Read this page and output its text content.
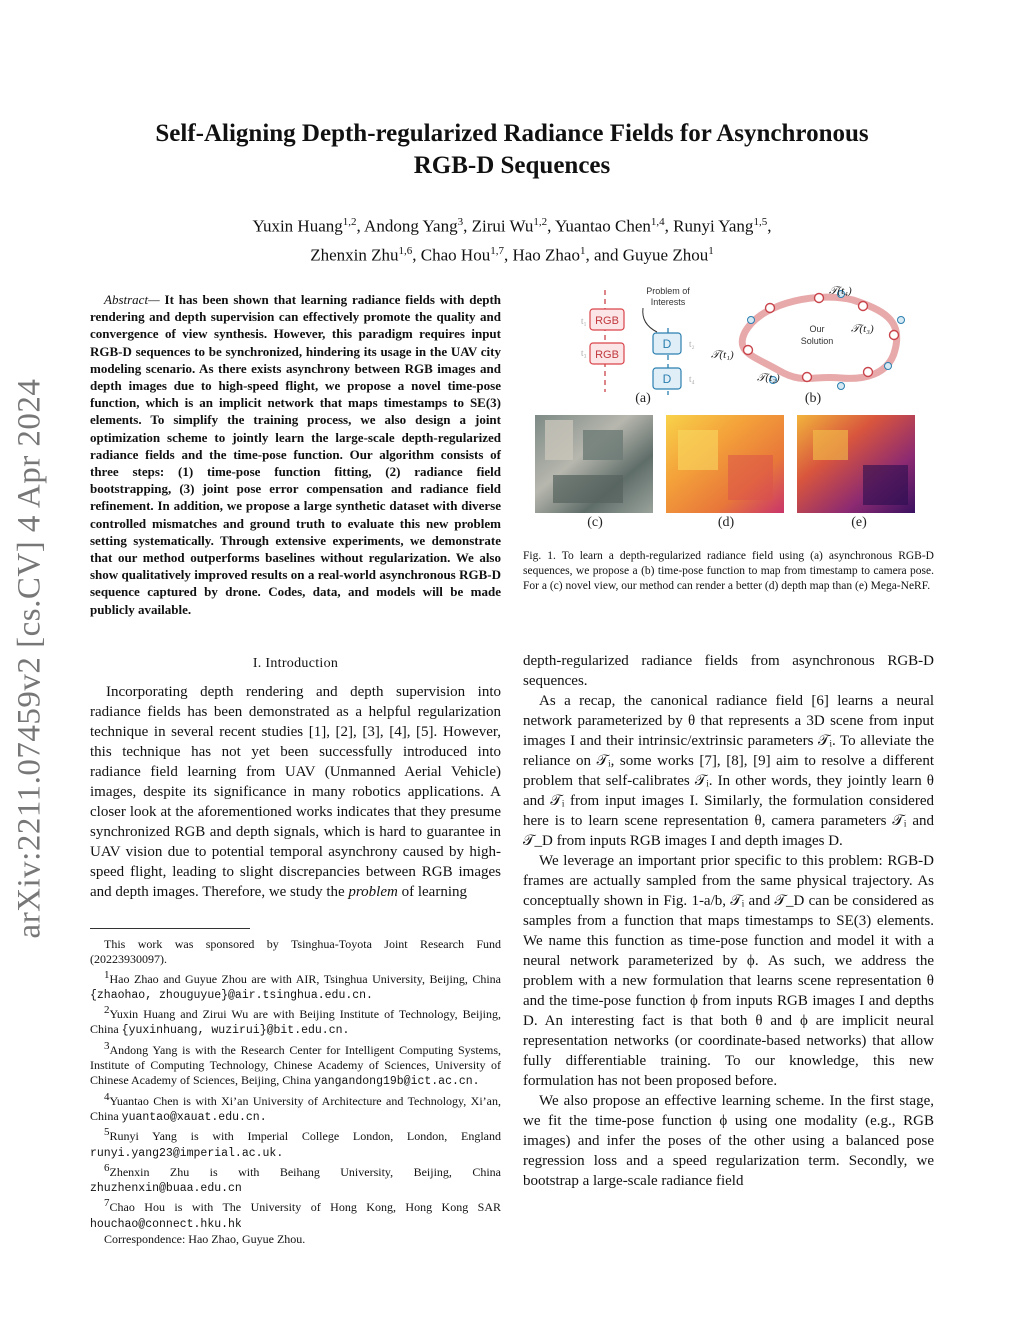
arXiv:2211.07459v2 [cs.CV] 4 Apr 2024
Self-Aligning Depth-regularized Radiance Fields for Asynchronous
RGB-D Sequences

Yuxin Huang$^{1,2}$, Andong Yang$^3$, Zirui Wu$^{1,2}$, Yuantao Chen$^{1,4}$, Runyi Yang$^{1,5}$,

Zhenxin Zhu$^{1,6}$, Chao Hou$^{1,7}$, Hao Zhao$^1$, and Guyue Zhou$^1$

Abstract— It has been shown that learning radiance fields with depth rendering and depth supervision can effectively promote the quality and convergence of view synthesis. However, this paradigm requires input RGB-D sequences to be synchronized, hindering its usage in the UAV city modeling scenario. As there exists asynchrony between RGB images and depth images due to high-speed flight, we propose a novel time-pose function, which is an implicit network that maps timestamps to SE(3) elements. To simplify the training process, we also design a joint optimization scheme to jointly learn the large-scale depth-regularized radiance fields and the time-pose function. Our algorithm consists of three steps: (1) time-pose function fitting, (2) radiance field bootstrapping, (3) joint pose error compensation and radiance field refinement. In addition, we propose a large synthetic dataset with diverse controlled mismatches and ground truth to evaluate this new problem setting systematically. Through extensive experiments, we demonstrate that our method outperforms baselines without regularization. We also show qualitatively improved results on a real-world asynchronous RGB-D sequence captured by drone. Codes, data, and models will be made publicly available.

I. Introduction

Incorporating depth rendering and depth supervision into radiance fields has been demonstrated as a helpful regularization technique in several recent studies [1], [2], [3], [4], [5]. However, this technique has not yet been successfully introduced into radiance field learning from UAV (Unmanned Aerial Vehicle) images, despite its significance in many robotics applications. A closer look at the aforementioned works indicates that they presume synchronized RGB and depth signals, which is hard to guarantee in UAV vision due to potential temporal asynchrony caused by high-speed flight, leading to slight discrepancies between RGB images and depth images. Therefore, we study the problem of learning

This work was sponsored by Tsinghua-Toyota Joint Research Fund (20223930097).

$^1$Hao Zhao and Guyue Zhou are with AIR, Tsinghua University, Beijing, China {zhaohao, zhouguyue}@air.tsinghua.edu.cn.

$^2$Yuxin Huang and Zirui Wu are with Beijing Institute of Technology, Beijing, China {yuxinhuang, wuzirui}@bit.edu.cn.

$^3$Andong Yang is with the Research Center for Intelligent Computing Systems, Institute of Computing Technology, Chinese Academy of Sciences, University of Chinese Academy of Sciences, Beijing, China yangandong19b@ict.ac.cn.

$^4$Yuantao Chen is with Xi’an University of Architecture and Technology, Xi’an, China yuantao@xauat.edu.cn.

$^5$Runyi Yang is with Imperial College London, London, England runyi.yang23@imperial.ac.uk.

$^6$Zhenxin Zhu is with Beihang University, Beijing, China zhuzhenxin@buaa.edu.cn

$^7$Chao Hou is with The University of Hong Kong, Hong Kong SAR houchao@connect.hku.hk

Correspondence: Hao Zhao, Guyue Zhou.

t₁
t₃
t₂
t₄
RGB
RGB
D
D
Problem of
Interests
Our
Solution
𝒯(t₄)
𝒯(t₃)
𝒯(t₁)
𝒯(t₂)
(a)	(b)
(c)	(d)	(e)
Fig. 1. To learn a depth-regularized radiance field using (a) asynchronous RGB-D sequences, we propose a (b) time-pose function to map from timestamp to camera pose. For a (c) novel view, our method can render a better (d) depth map than (e) Mega-NeRF.

depth-regularized radiance fields from asynchronous RGB-D sequences.

As a recap, the canonical radiance field [6] learns a neural network parameterized by θ that represents a 3D scene from input images I and their intrinsic/extrinsic parameters 𝒯ᵢ. To alleviate the reliance on 𝒯ᵢ, some works [7], [8], [9] aim to resolve a different problem that self-calibrates 𝒯ᵢ. In other words, they jointly learn θ and 𝒯ᵢ from input images I. Similarly, the formulation considered here is to learn scene representation θ, camera parameters 𝒯ᵢ and 𝒯_D from inputs RGB images I and depth images D.

We leverage an important prior specific to this problem: RGB-D frames are actually sampled from the same physical trajectory. As conceptually shown in Fig. 1-a/b, 𝒯ᵢ and 𝒯_D can be considered as samples from a function that maps timestamps to SE(3) elements. We name this function as time-pose function and model it with a neural network parameterized by ϕ. As such, we address the problem with a new formulation that learns scene representation θ and the time-pose function ϕ from inputs RGB images I and depths D. An interesting fact is that both θ and ϕ are implicit neural representation networks (or coordinate-based networks) that allow fully differentiable training. To our knowledge, this new formulation has not been proposed before.

We also propose an effective learning scheme. In the first stage, we fit the time-pose function ϕ using one modality (e.g., RGB images) and infer the poses of the other using a balanced pose regression loss and a speed regularization term. Secondly, we bootstrap a large-scale radiance field
